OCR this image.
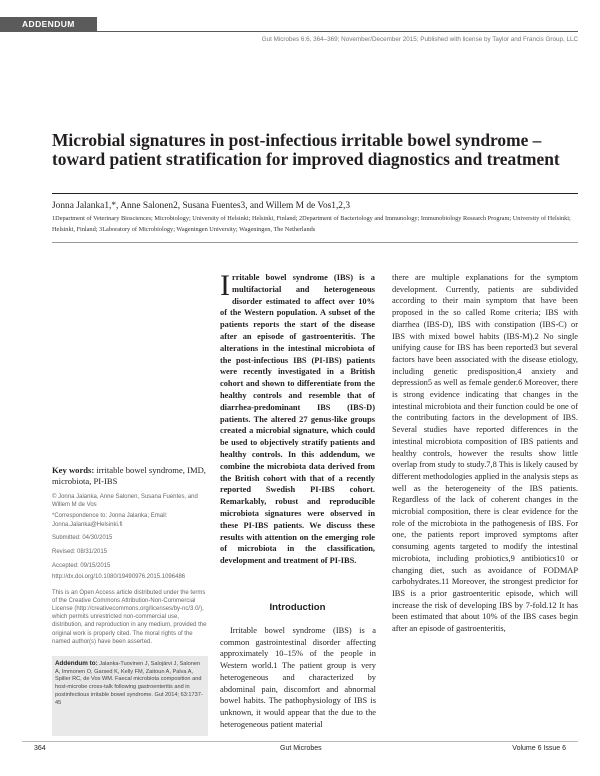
ADDENDUM
Gut Microbes 6:6, 364–369; November/December 2015; Published with license by Taylor and Francis Group, LLC
Microbial signatures in post-infectious irritable bowel syndrome – toward patient stratification for improved diagnostics and treatment
Jonna Jalanka1,*, Anne Salonen2, Susana Fuentes3, and Willem M de Vos1,2,3
1Department of Veterinary Biosciences; Microbiology; University of Helsinki; Helsinki, Finland; 2Department of Bacteriology and Immunology; Immunobiology Research Program; University of Helsinki; Helsinki, Finland; 3Laboratory of Microbiology; Wageningen University; Wageningen, The Netherlands

Key words: irritable bowel syndrome, IMD, microbiota, PI-IBS

© Jonna Jalanka, Anne Salonen, Susana Fuentes, and Willem M de Vos

*Correspondence to: Jonna Jalanka; Email: Jonna.Jalanka@Helsinki.fi

Submitted: 04/30/2015

Revised: 08/31/2015

Accepted: 09/15/2015

http://dx.doi.org/10.1080/19490976.2015.1096486

This is an Open Access article distributed under the terms of the Creative Commons Attribution-Non-Commercial License (http://creativecommons.org/licenses/by-nc/3.0/), which permits unrestricted non-commercial use, distribution, and reproduction in any medium, provided the original work is properly cited. The moral rights of the named author(s) have been asserted.

Addendum to: Jalanka-Tuovinen J, Salojärvi J, Salonen A, Immonen O, Garsed K, Kelly FM, Zaitoun A, Palva A, Spiller RC, de Vos WM. Faecal microbiota composition and host-microbe cross-talk following gastroenteritis and in postinfectious irritable bowel syndrome. Gut 2014; 63:1737-45
I rritable bowel syndrome (IBS) is a multifactorial and heterogeneous disorder estimated to affect over 10% of the Western population. A subset of the patients reports the start of the disease after an episode of gastroenteritis. The alterations in the intestinal microbiota of the post-infectious IBS (PI-IBS) patients were recently investigated in a British cohort and shown to differentiate from the healthy controls and resemble that of diarrhea-predominant IBS (IBS-D) patients. The altered 27 genus-like groups created a microbial signature, which could be used to objectively stratify patients and healthy controls. In this addendum, we combine the microbiota data derived from the British cohort with that of a recently reported Swedish PI-IBS cohort. Remarkably, robust and reproducible microbiota signatures were observed in these PI-IBS patients. We discuss these results with attention on the emerging role of microbiota in the classification, development and treatment of PI-IBS.
Introduction

Irritable bowel syndrome (IBS) is a common gastrointestinal disorder affecting approximately 10–15% of the people in Western world.1 The patient group is very heterogeneous and characterized by abdominal pain, discomfort and abnormal bowel habits. The pathophysiology of IBS is unknown, it would appear that the due to the heterogeneous patient material

there are multiple explanations for the symptom development. Currently, patients are subdivided according to their main symptom that have been proposed in the so called Rome criteria; IBS with diarrhea (IBS-D), IBS with constipation (IBS-C) or IBS with mixed bowel habits (IBS-M).2 No single unifying cause for IBS has been reported3 but several factors have been associated with the disease etiology, including genetic predisposition,4 anxiety and depression5 as well as female gender.6 Moreover, there is strong evidence indicating that changes in the intestinal microbiota and their function could be one of the contributing factors in the development of IBS. Several studies have reported differences in the intestinal microbiota composition of IBS patients and healthy controls, however the results show little overlap from study to study.7,8 This is likely caused by different methodologies applied in the analysis steps as well as the heterogeneity of the IBS patients. Regardless of the lack of coherent changes in the microbial composition, there is clear evidence for the role of the microbiota in the pathogenesis of IBS. For one, the patients report improved symptoms after consuming agents targeted to modify the intestinal microbiota, including probiotics,9 antibiotics10 or changing diet, such as avoidance of FODMAP carbohydrates.11 Moreover, the strongest predictor for IBS is a prior gastroenteritic episode, which will increase the risk of developing IBS by 7-fold.12 It has been estimated that about 10% of the IBS cases begin after an episode of gastroenteritis,

364	Gut Microbes	Volume 6 Issue 6
